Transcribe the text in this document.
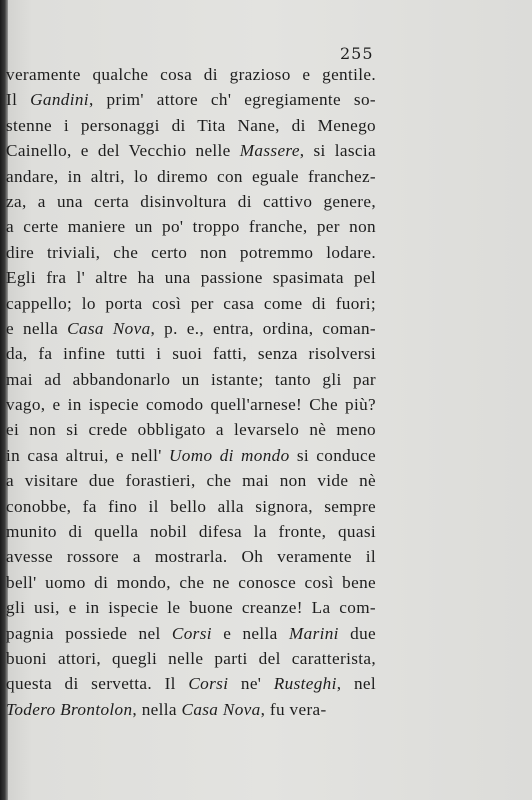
255
veramente qualche cosa di grazioso e gentile.
Il Gandini, prim' attore ch' egregiamente so-
stenne i personaggi di Tita Nane, di Menego
Cainello, e del Vecchio nelle Massere, si lascia
andare, in altri, lo diremo con eguale franchez-
za, a una certa disinvoltura di cattivo genere,
a certe maniere un po' troppo franche, per non
dire triviali, che certo non potremmo lodare.
Egli fra l' altre ha una passione spasimata pel
cappello; lo porta così per casa come di fuori;
e nella Casa Nova, p. e., entra, ordina, coman-
da, fa infine tutti i suoi fatti, senza risolversi
mai ad abbandonarlo un istante; tanto gli par
vago, e in ispecie comodo quell'arnese! Che più?
ei non si crede obbligato a levarselo nè meno
in casa altrui, e nell' Uomo di mondo si conduce
a visitare due forastieri, che mai non vide nè
conobbe, fa fino il bello alla signora, sempre
munito di quella nobil difesa la fronte, quasi
avesse rossore a mostrarla. Oh veramente il
bell' uomo di mondo, che ne conosce così bene
gli usi, e in ispecie le buone creanze! La com-
pagnia possiede nel Corsi e nella Marini due
buoni attori, quegli nelle parti del caratterista,
questa di servetta. Il Corsi ne' Rusteghi, nel
Todero Brontolon, nella Casa Nova, fu vera-
